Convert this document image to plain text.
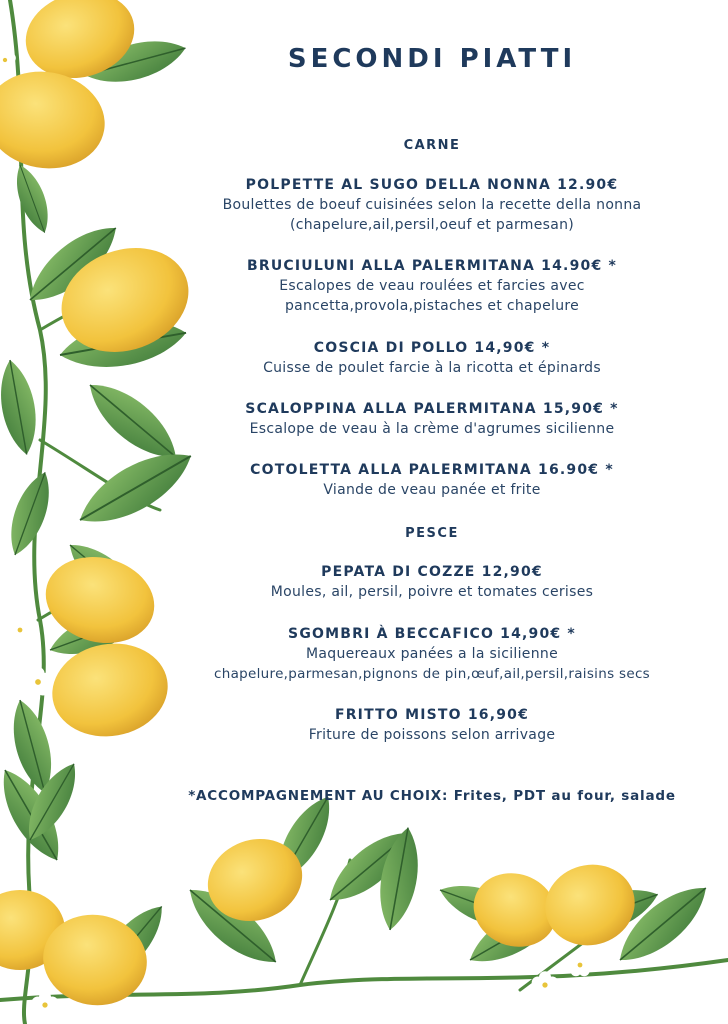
SECONDI PIATTI
CARNE
POLPETTE AL SUGO DELLA NONNA 12.90€
Boulettes de boeuf cuisinées selon la recette della nonna
(chapelure,ail,persil,oeuf et parmesan)
BRUCIULUNI ALLA PALERMITANA 14.90€ *
Escalopes de veau roulées et farcies avec
pancetta,provola,pistaches et chapelure
COSCIA DI POLLO 14,90€ *
Cuisse de poulet farcie à la ricotta et épinards
SCALOPPINA ALLA PALERMITANA 15,90€ *
Escalope de veau à la crème d'agrumes sicilienne
COTOLETTA ALLA PALERMITANA 16.90€ *
Viande de veau panée et frite
PESCE
PEPATA DI COZZE 12,90€
Moules, ail, persil, poivre et tomates cerises
SGOMBRI À BECCAFICO 14,90€ *
Maquereaux panées a la sicilienne
chapelure,parmesan,pignons de pin,œuf,ail,persil,raisins secs
FRITTO MISTO 16,90€
Friture de poissons selon arrivage
*ACCOMPAGNEMENT AU CHOIX: Frites, PDT au four, salade
